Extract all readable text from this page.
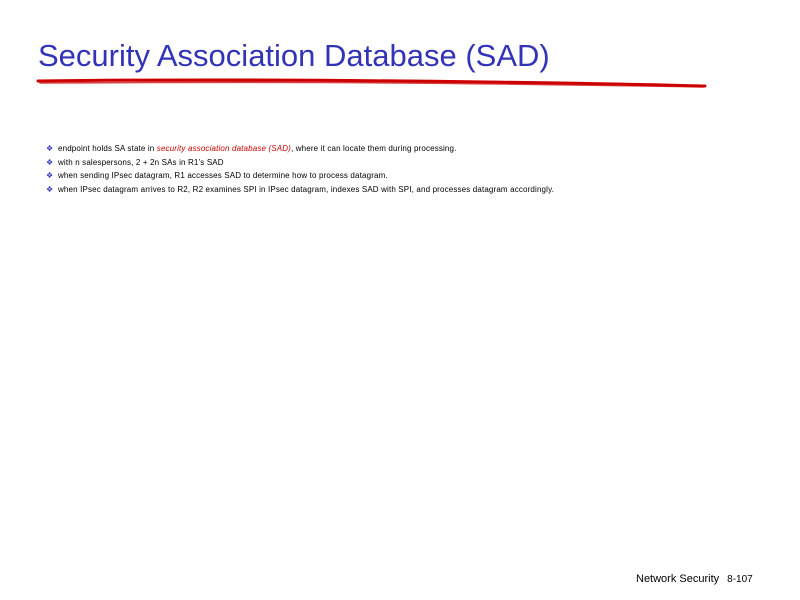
Security Association Database (SAD)
❖ endpoint holds SA state in security association database (SAD), where it can locate them during processing.
❖ with n salespersons, 2 + 2n SAs in R1’s SAD
❖ when sending IPsec datagram, R1 accesses SAD to determine how to process datagram.
❖ when IPsec datagram arrives to R2, R2 examines SPI in IPsec datagram, indexes SAD with SPI, and processes datagram accordingly.
Network Security 8-107
